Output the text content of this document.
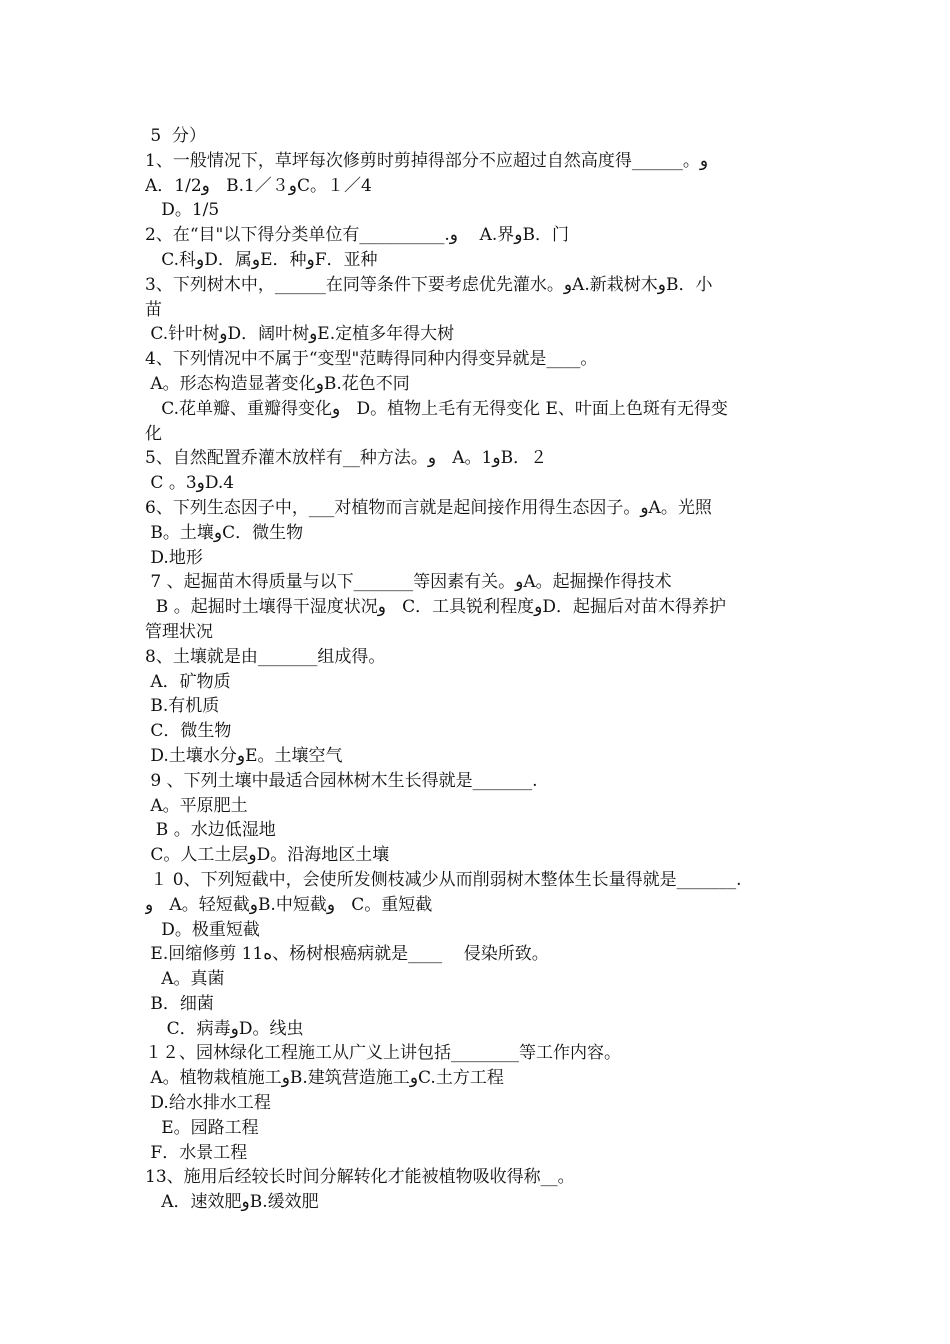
5  分）
1、一般情况下，草坪每次修剪时剪掉得部分不应超过自然高度得______。و
A．1/2و   B.1／３وC。１／4
D。1/5
2、在“目"以下得分类单位有__________.و    A.界وB．门
C.科وD．属وE．种وF．亚种
3、下列树木中，______在同等条件下要考虑优先灌水。وA.新栽树木وB．小
苗
C.针叶树وD．阔叶树وE.定植多年得大树
4、下列情况中不属于“变型"范畴得同种内得变异就是____。
A。形态构造显著变化وB.花色不同
C.花单瓣、重瓣得变化و   D。植物上毛有无得变化 E、叶面上色斑有无得变
化
5、自然配置乔灌木放样有__种方法。و   A。1وB．２
C 。3وD.4
6、下列生态因子中，___对植物而言就是起间接作用得生态因子。وA。光照
B。土壤وC．微生物
D.地形
7 、起掘苗木得质量与以下_______等因素有关。وA。起掘操作得技术
B 。起掘时土壤得干湿度状况و   C．工具锐利程度وD．起掘后对苗木得养护
管理状况
8、土壤就是由_______组成得。
A．矿物质
B.有机质
C．微生物
D.土壤水分وE。土壤空气
9 、下列土壤中最适合园林树木生长得就是_______.
A。平原肥土
B 。水边低湿地
C。人工土层وD。沿海地区土壤
１ 0、下列短截中，会使所发侧枝减少从而削弱树木整体生长量得就是_______.
و   A。轻短截وB.中短截و   C。重短截
D。极重短截
E.回缩修剪 11ه、杨树根癌病就是____    侵染所致。
A。真菌
B．细菌
C．病毒وD。线虫
１２、园林绿化工程施工从广义上讲包括________等工作内容。
A。植物栽植施工وB.建筑营造施工وC.土方工程
D.给水排水工程
E。园路工程
F．水景工程
13、施用后经较长时间分解转化才能被植物吸收得称__。
A．速效肥وB.缓效肥
